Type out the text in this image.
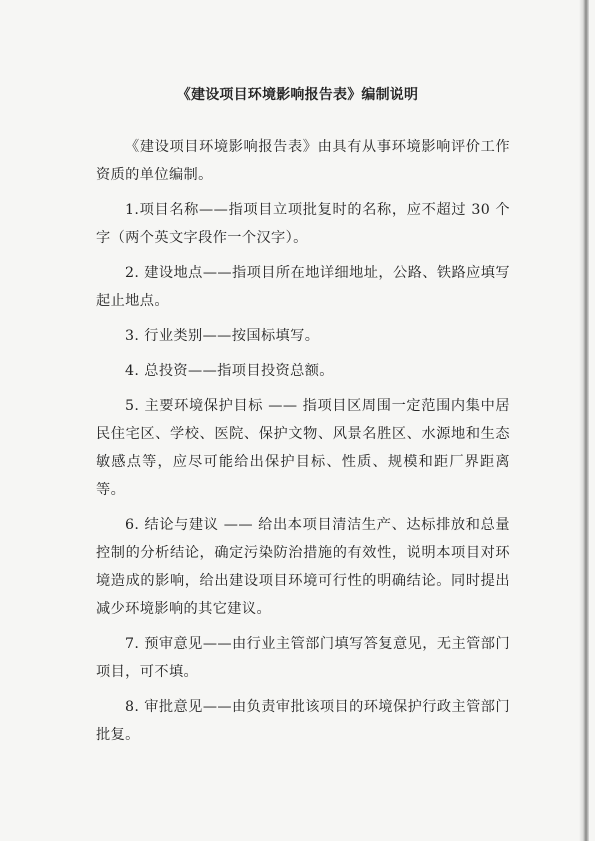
《建设项目环境影响报告表》编制说明

《建设项目环境影响报告表》由具有从事环境影响评价工作资质的单位编制。

1.项目名称——指项目立项批复时的名称，应不超过 30 个字（两个英文字段作一个汉字）。

2. 建设地点——指项目所在地详细地址，公路、铁路应填写起止地点。

3. 行业类别——按国标填写。

4. 总投资——指项目投资总额。

5. 主要环境保护目标 —— 指项目区周围一定范围内集中居民住宅区、学校、医院、保护文物、风景名胜区、水源地和生态敏感点等，应尽可能给出保护目标、性质、规模和距厂界距离等。

6. 结论与建议 —— 给出本项目清洁生产、达标排放和总量控制的分析结论，确定污染防治措施的有效性，说明本项目对环境造成的影响，给出建设项目环境可行性的明确结论。同时提出减少环境影响的其它建议。

7. 预审意见——由行业主管部门填写答复意见，无主管部门项目，可不填。

8. 审批意见——由负责审批该项目的环境保护行政主管部门批复。
